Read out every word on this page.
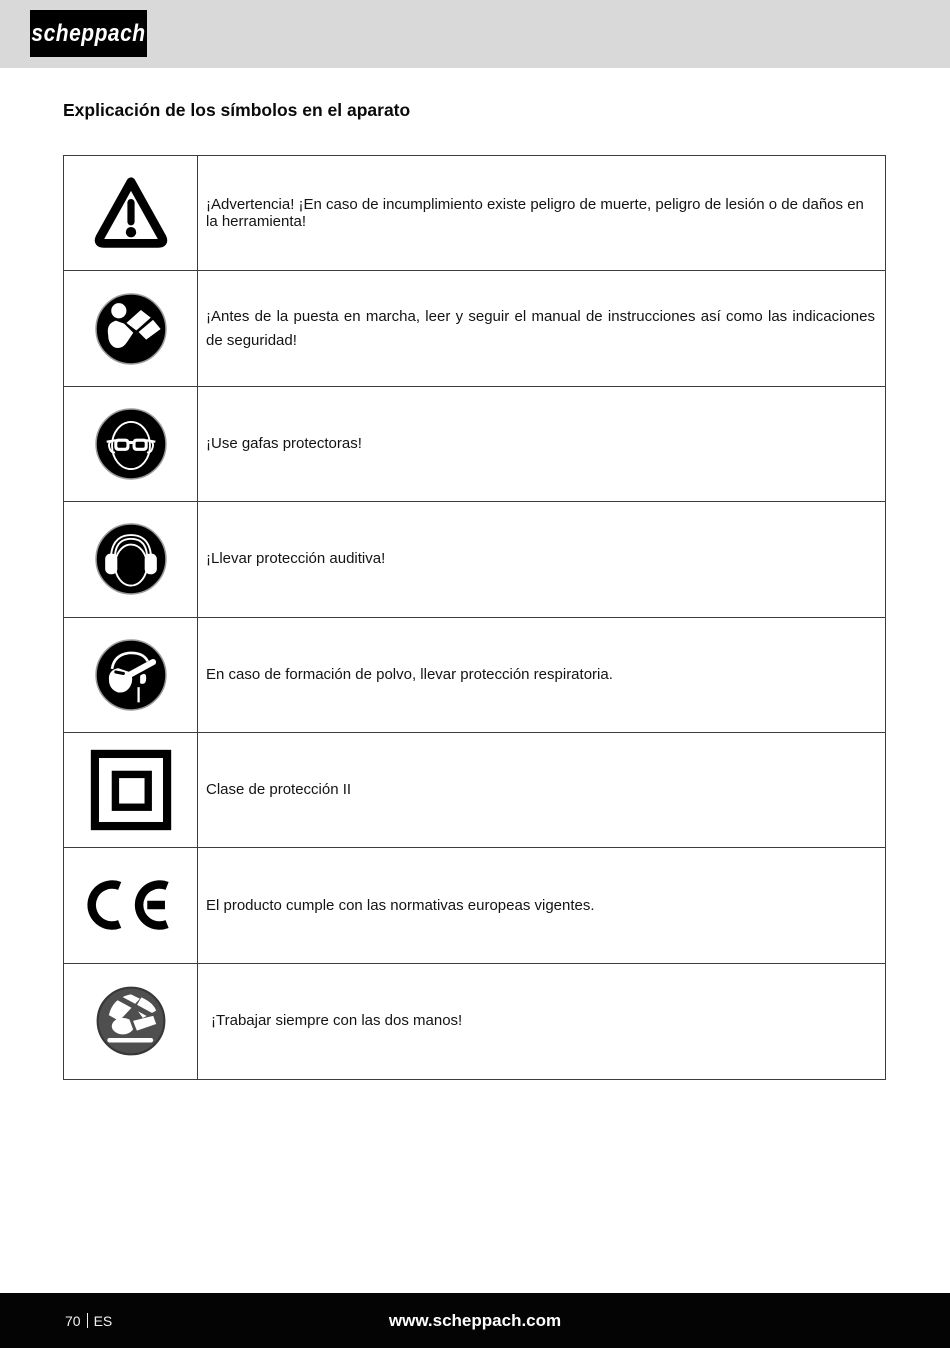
scheppach
Explicación de los símbolos en el aparato
¡Advertencia! ¡En caso de incumplimiento existe peligro de muerte, peligro de lesión o de daños en la herramienta!
¡Antes de la puesta en marcha, leer y seguir el manual de instrucciones así como las indicaciones de seguridad!
¡Use gafas protectoras!
¡Llevar protección auditiva!
En caso de formación de polvo, llevar protección respiratoria.
Clase de protección II
El producto cumple con las normativas europeas vigentes.
¡Trabajar siempre con las dos manos!
70 ES	www.scheppach.com
